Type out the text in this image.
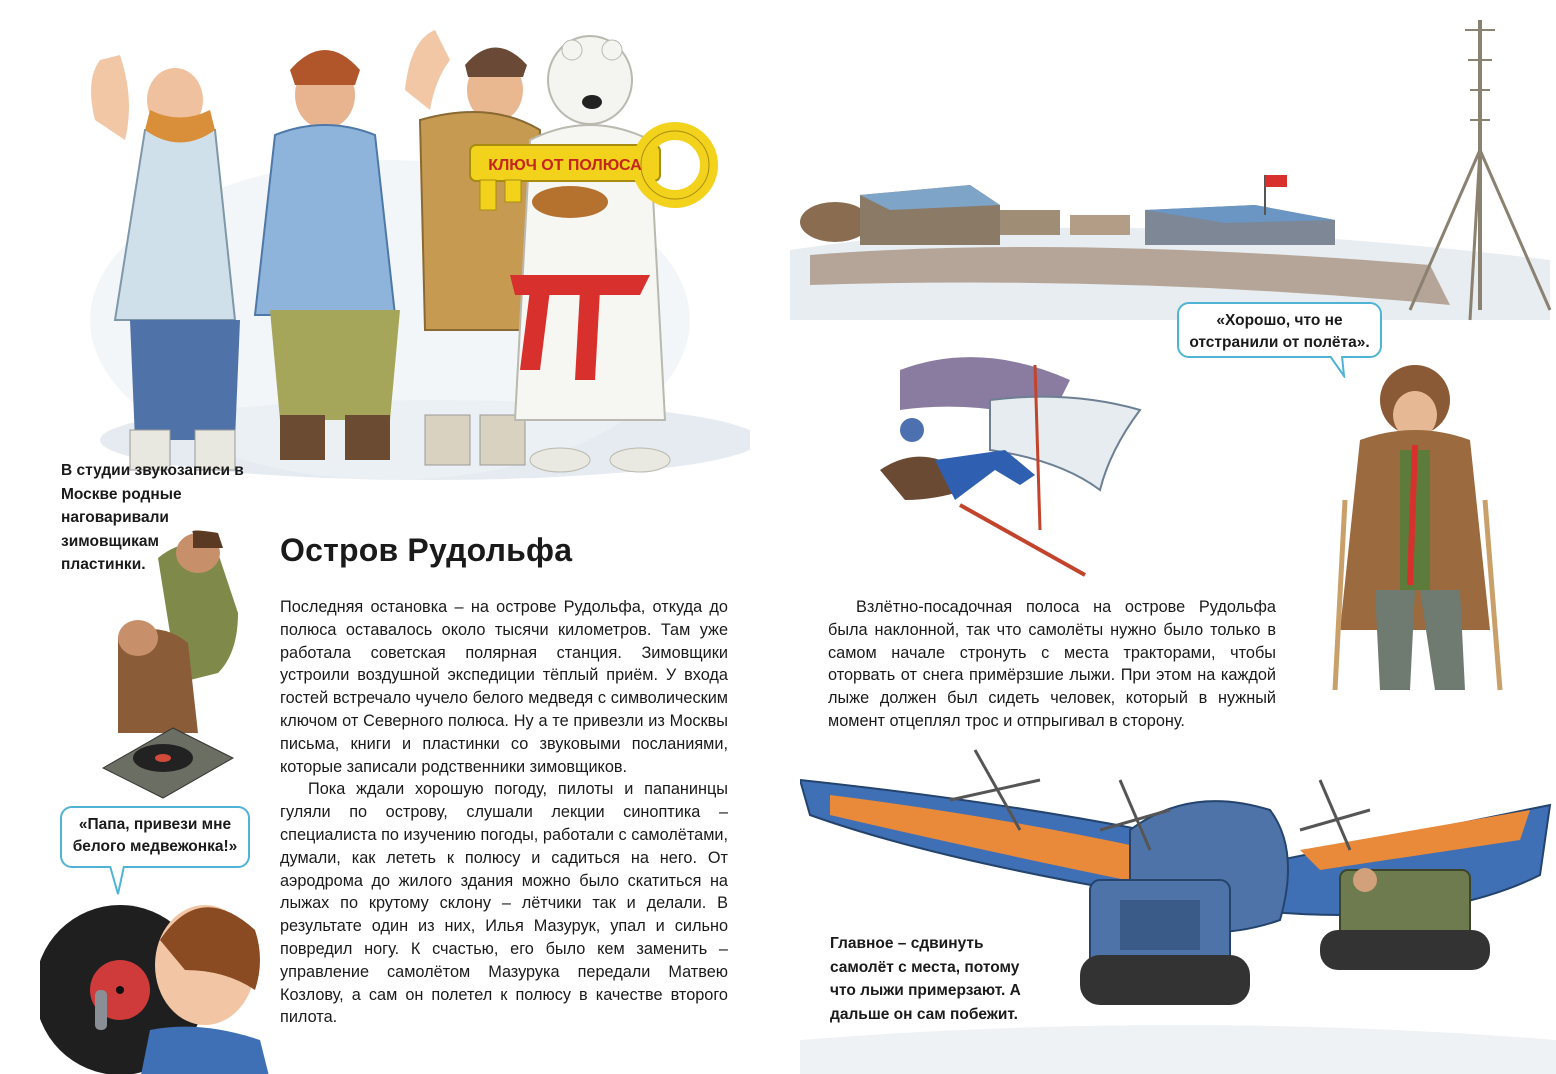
КЛЮЧ ОТ ПОЛЮСА
В студии звукозаписи в Москве родные наговаривали зимовщикам пластинки.
«Папа, привези мне белого медвежонка!»
Остров Рудольфа

Последняя остановка – на острове Рудольфа, откуда до полюса оставалось около тысячи километров. Там уже работала советская полярная станция. Зимовщики устроили воздушной экспедиции тёплый приём. У входа гостей встречало чучело белого медведя с символическим ключом от Северного полюса. Ну а те привезли из Москвы письма, книги и пластинки со звуковыми посланиями, которые записали родственники зимовщиков.

Пока ждали хорошую погоду, пилоты и папанинцы гуляли по острову, слушали лекции синоптика – специалиста по изучению погоды, работали с самолётами, думали, как лететь к полюсу и садиться на него. От аэродрома до жилого здания можно было скатиться на лыжах по крутому склону – лётчики так и делали. В результате один из них, Илья Мазурук, упал и сильно повредил ногу. К счастью, его было кем заменить – управление самолётом Мазурука передали Матвею Козлову, а сам он полетел к полюсу в качестве второго пилота.

«Хорошо, что не отстранили от полёта».

Взлётно-посадочная полоса на острове Рудольфа была наклонной, так что самолёты нужно было только в самом начале стронуть с места тракторами, чтобы оторвать от снега примёрзшие лыжи. При этом на каждой лыже должен был сидеть человек, который в нужный момент отцеплял трос и отпрыгивал в сторону.

Главное – сдвинуть самолёт с места, потому что лыжи примерзают. А дальше он сам побежит.
